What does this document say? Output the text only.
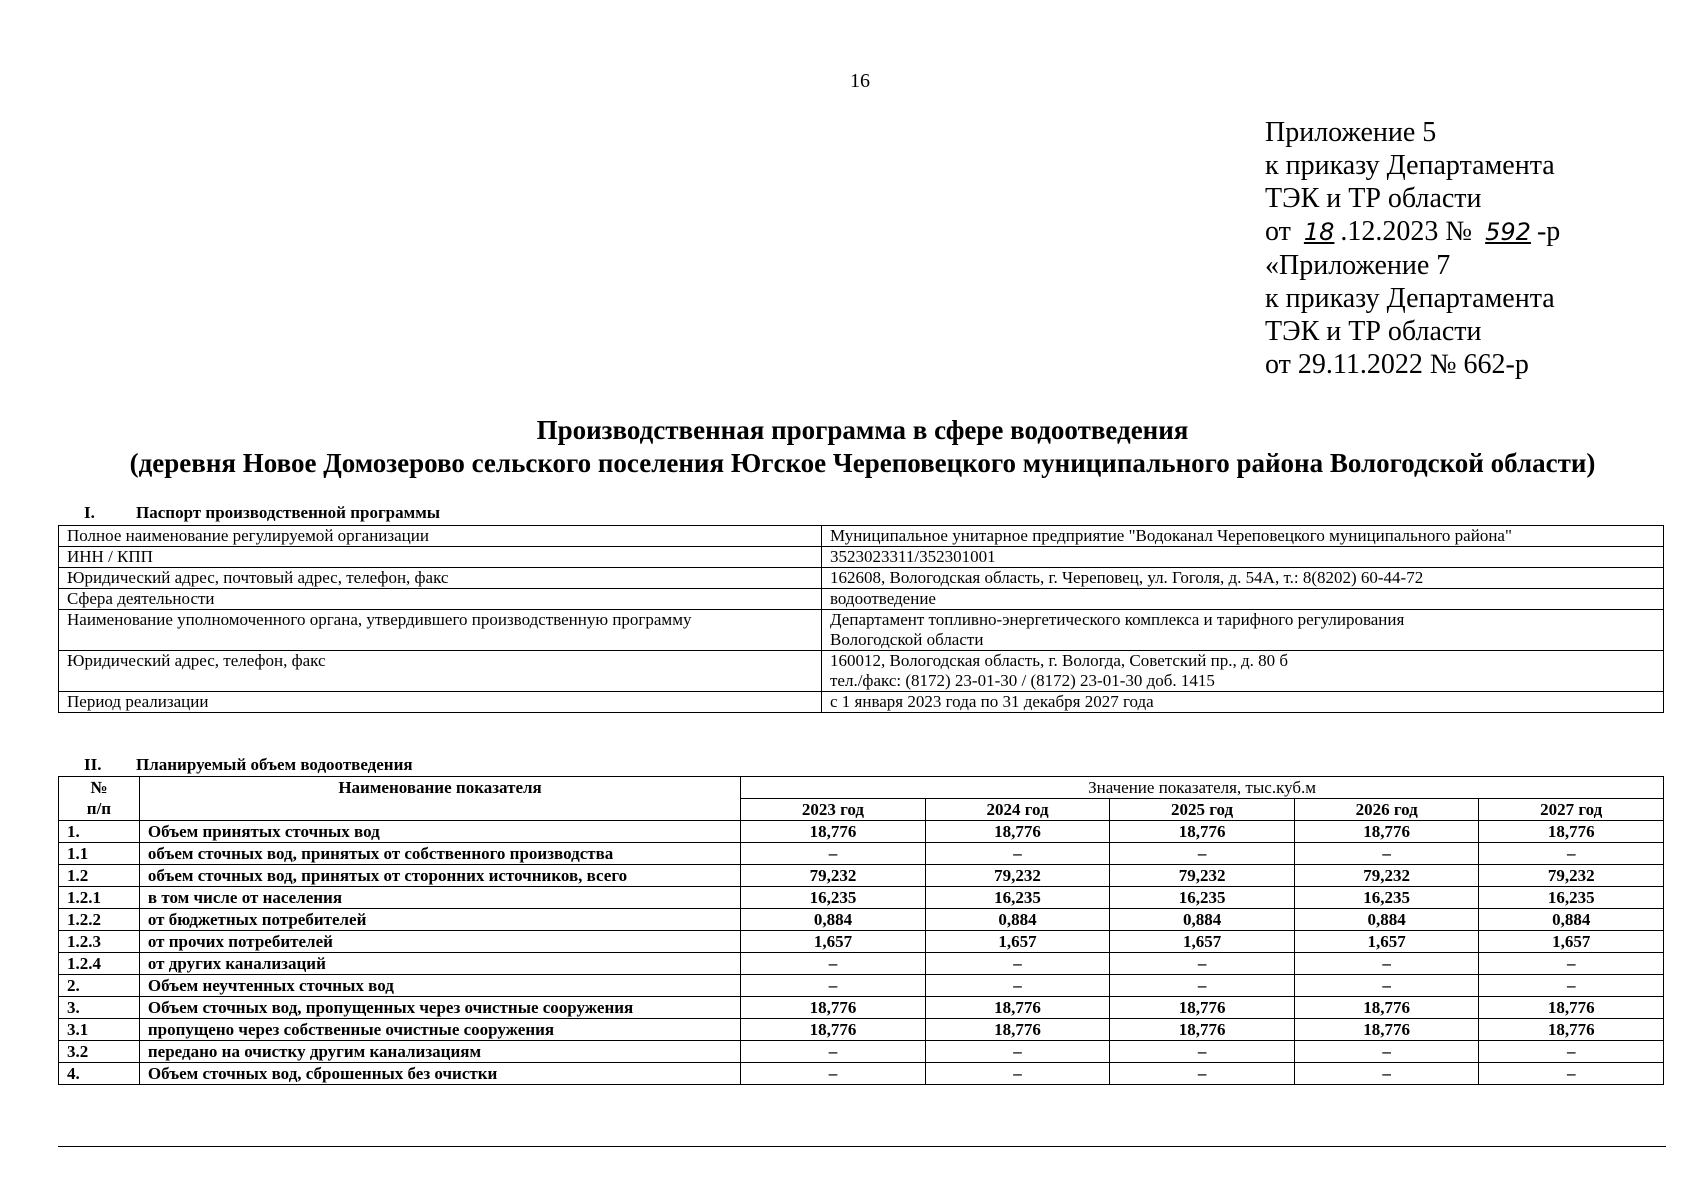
16
Приложение 5
к приказу Департамента
ТЭК и ТР области
от 18 .12.2023 № 592 -р
«Приложение 7
к приказу Департамента
ТЭК и ТР области
от 29.11.2022 № 662-р
Производственная программа в сфере водоотведения
(деревня Новое Домозерово сельского поселения Югское Череповецкого муниципального района Вологодской области)
I. Паспорт производственной программы
Полное наименование регулируемой организации	Муниципальное унитарное предприятие "Водоканал Череповецкого муниципального района"
ИНН / КПП	3523023311/352301001
Юридический адрес, почтовый адрес, телефон, факс	162608, Вологодская область, г. Череповец, ул. Гоголя, д. 54А, т.: 8(8202) 60-44-72
Сфера деятельности	водоотведение
Наименование уполномоченного органа, утвердившего производственную программу	Департамент топливно-энергетического комплекса и тарифного регулирования
Вологодской области

Юридический адрес, телефон, факс	160012, Вологодская область, г. Вологда, Советский пр., д. 80 б
тел./факс: (8172) 23-01-30 / (8172) 23-01-30 доб. 1415

Период реализации	с 1 января 2023 года по 31 декабря 2027 года
II. Планируемый объем водоотведения
№
п/п	Наименование показателя	Значение показателя, тыс.куб.м				
		2023 год	2024 год	2025 год	2026 год	2027 год
1.	Объем принятых сточных вод	18,776	18,776	18,776	18,776	18,776
1.1	объем сточных вод, принятых от собственного производства	–	–	–	–	–
1.2	объем сточных вод, принятых от сторонних источников, всего	79,232	79,232	79,232	79,232	79,232
1.2.1	в том числе от населения	16,235	16,235	16,235	16,235	16,235
1.2.2	от бюджетных потребителей	0,884	0,884	0,884	0,884	0,884
1.2.3	от прочих потребителей	1,657	1,657	1,657	1,657	1,657
1.2.4	от других канализаций	–	–	–	–	–
2.	Объем неучтенных сточных вод	–	–	–	–	–
3.	Объем сточных вод, пропущенных через очистные сооружения	18,776	18,776	18,776	18,776	18,776
3.1	пропущено через собственные очистные сооружения	18,776	18,776	18,776	18,776	18,776
3.2	передано на очистку другим канализациям	–	–	–	–	–
4.	Объем сточных вод, сброшенных без очистки	–	–	–	–	–
